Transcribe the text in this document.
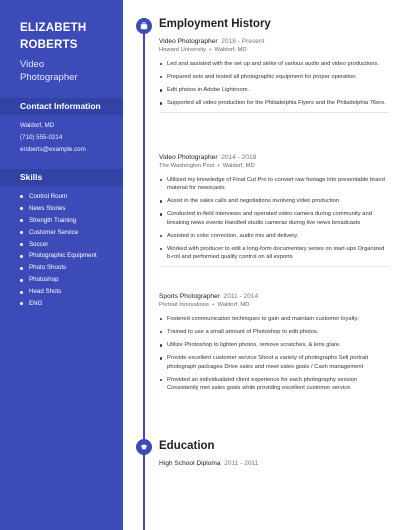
ELIZABETH
ROBERTS
Video
Photographer
Contact Information
Waldorf, MD
(710) 555-0214
eroberts@example.com
Skills
Control Room
News Stories
Strength Training
Customer Service
Soccer
Photographic Equipment
Photo Shoots
Photoshop
Head Shots
ENG
Employment History
Video Photographer 2018 - Present
Howard University  •  Waldorf, MD
Led and assisted with the set up and strike of various audio and video productions.
Prepared sets and tested all photographic equipment for proper operation.
Edit photos in Adobe Lightroom.
Supported all video production for the Philadelphia Flyers and the Philadelphia 76ers.
Video Photographer 2014 - 2018
The Washington Post  •  Waldorf, MD
Utilized my knowledge of Final Cut Pro to convert raw footage into presentable brand material for newscasts
Assist in the sales calls and negotiations involving video production.
Conducted in-field interviews and operated video camera during community and breaking news events Handled studio cameras during live news broadcasts
Assisted in color correction, audio mix and delivery.
Worked with producer to edit a long-form documentary series on start-ups Organized b-roll and performed quality control on all exports
Sports Photographer 2011 - 2014
Portrait Innovations  •  Waldorf, MD
Fostered communication techniques to gain and maintain customer loyalty.
Trained to use a small amount of Photoshop to edit photos.
Utilize Photoshop to lighten photos, remove scratches, & lens glare.
Provide excellent customer service Shoot a variety of photographs Sell portrait photograph packages Drive sales and meet sales goals / Cash management
Provided an individualized client experience for each photography session Consistently met sales goals while providing excellent customer service
Education
High School Diploma 2011 - 2011
